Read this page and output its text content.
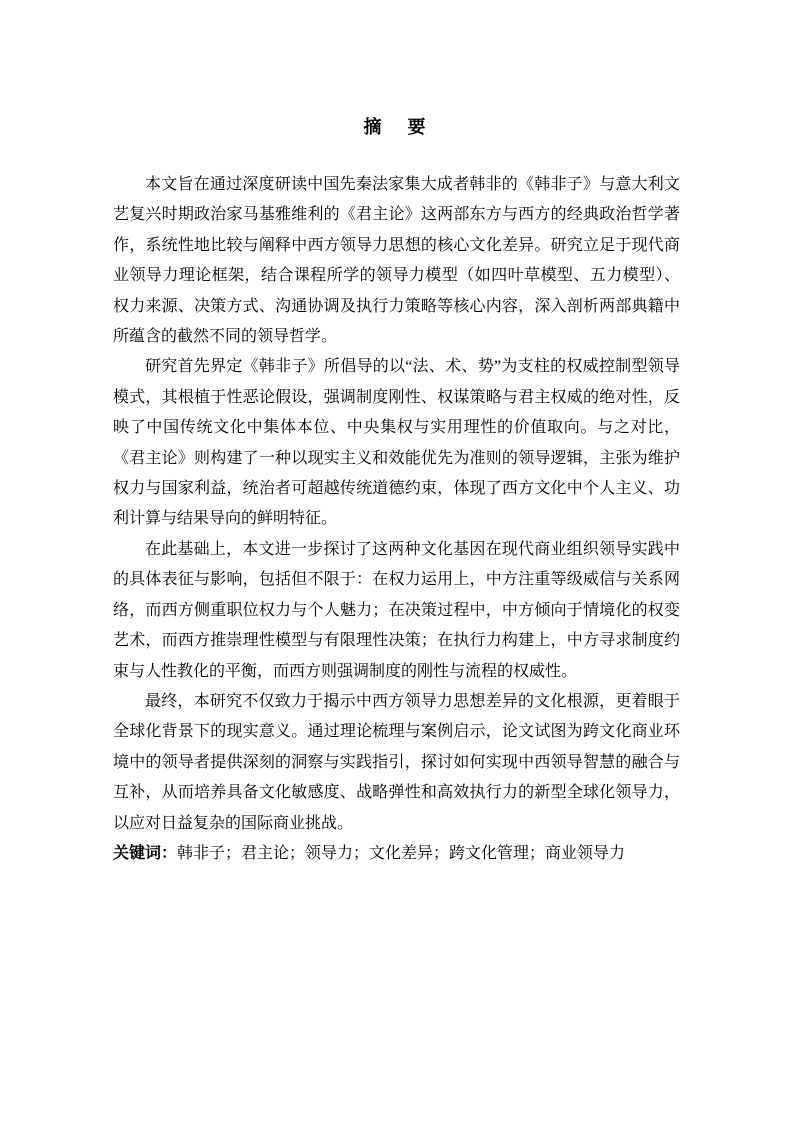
摘　要

本文旨在通过深度研读中国先秦法家集大成者韩非的《韩非子》与意大利文艺复兴时期政治家马基雅维利的《君主论》这两部东方与西方的经典政治哲学著作，系统性地比较与阐释中西方领导力思想的核心文化差异。研究立足于现代商业领导力理论框架，结合课程所学的领导力模型（如四叶草模型、五力模型）、权力来源、决策方式、沟通协调及执行力策略等核心内容，深入剖析两部典籍中所蕴含的截然不同的领导哲学。

研究首先界定《韩非子》所倡导的以“法、术、势”为支柱的权威控制型领导模式，其根植于性恶论假设，强调制度刚性、权谋策略与君主权威的绝对性，反映了中国传统文化中集体本位、中央集权与实用理性的价值取向。与之对比，《君主论》则构建了一种以现实主义和效能优先为准则的领导逻辑，主张为维护权力与国家利益，统治者可超越传统道德约束，体现了西方文化中个人主义、功利计算与结果导向的鲜明特征。

在此基础上，本文进一步探讨了这两种文化基因在现代商业组织领导实践中的具体表征与影响，包括但不限于：在权力运用上，中方注重等级威信与关系网络，而西方侧重职位权力与个人魅力；在决策过程中，中方倾向于情境化的权变艺术，而西方推崇理性模型与有限理性决策；在执行力构建上，中方寻求制度约束与人性教化的平衡，而西方则强调制度的刚性与流程的权威性。

最终，本研究不仅致力于揭示中西方领导力思想差异的文化根源，更着眼于全球化背景下的现实意义。通过理论梳理与案例启示，论文试图为跨文化商业环境中的领导者提供深刻的洞察与实践指引，探讨如何实现中西领导智慧的融合与互补，从而培养具备文化敏感度、战略弹性和高效执行力的新型全球化领导力，以应对日益复杂的国际商业挑战。

关键词：韩非子；君主论；领导力；文化差异；跨文化管理；商业领导力
